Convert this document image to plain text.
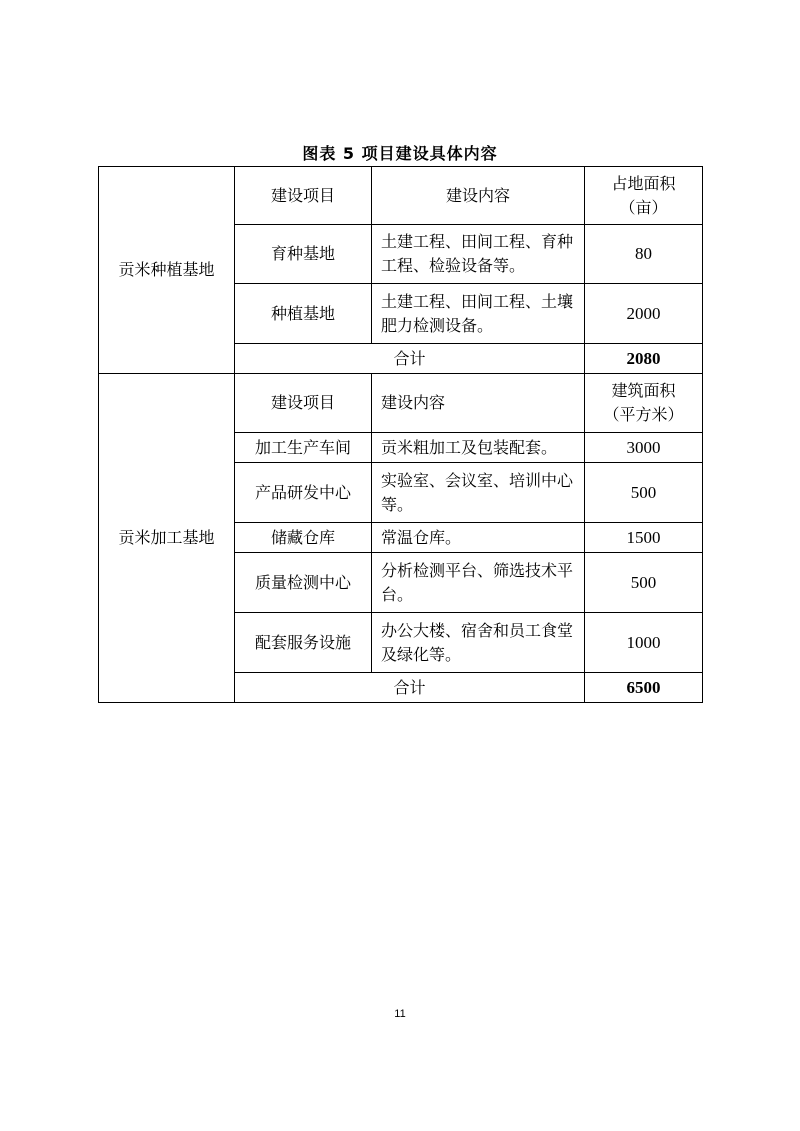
图表 5 项目建设具体内容
贡米种植基地	建设项目	建设内容	占地面积（亩）
	育种基地	土建工程、田间工程、育种工程、检验设备等。	80
	种植基地	土建工程、田间工程、土壤肥力检测设备。	2000
	合计		2080
贡米加工基地	建设项目	建设内容	建筑面积（平方米）
	加工生产车间	贡米粗加工及包装配套。	3000
	产品研发中心	实验室、会议室、培训中心等。	500
	储藏仓库	常温仓库。	1500
	质量检测中心	分析检测平台、筛选技术平台。	500
	配套服务设施	办公大楼、宿舍和员工食堂及绿化等。	1000
	合计		6500
11
